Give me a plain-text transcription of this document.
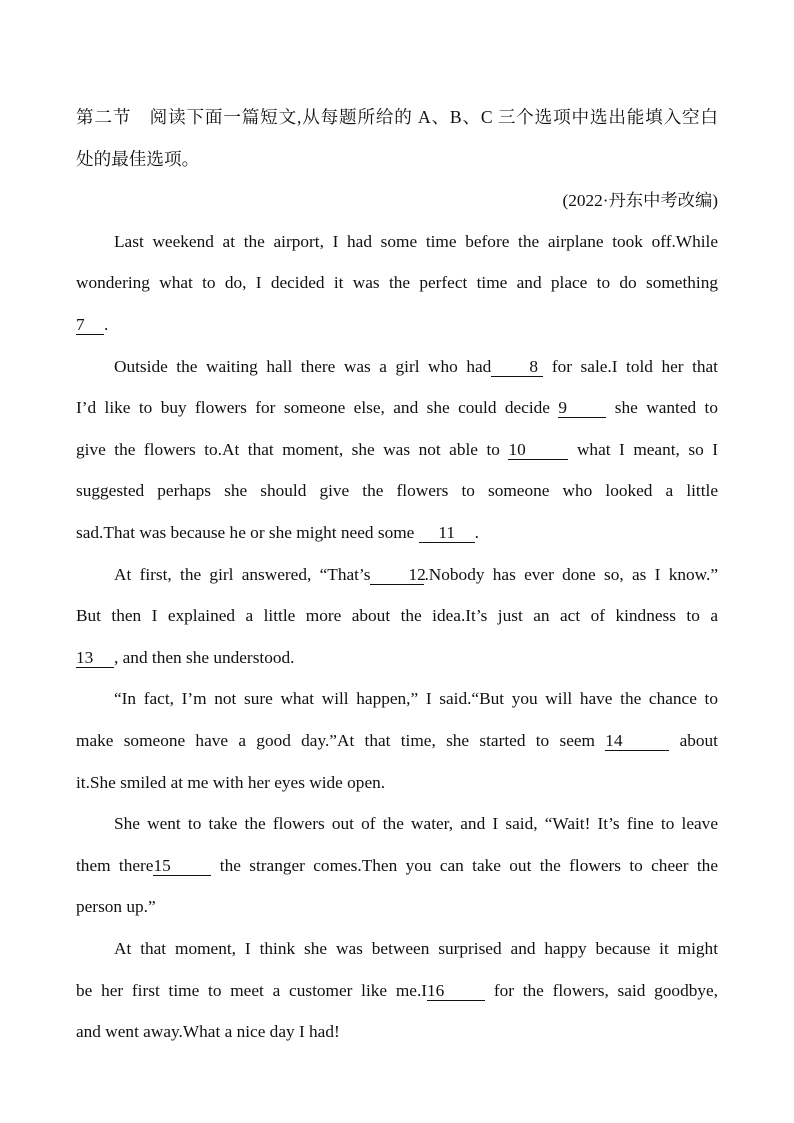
第二节　阅读下面一篇短文,从每题所给的 A、B、C 三个选项中选出能填入空白
处的最佳选项。
(2022·丹东中考改编)
Last weekend at the airport, I had some time before the airplane took off.While
wondering what to do, I decided it was the perfect time and place to do something
7 .
Outside the waiting hall there was a girl who had 8 for sale.I told her that
I’d like to buy flowers for someone else, and she could decide 9	she wanted to
give the flowers to.At that moment, she was not able to 10	what I meant, so I
suggested perhaps she should give the flowers to someone who looked a little
sad.That was because he or she might need some 11 .
At first, the girl answered, “That’s 12.Nobody has ever done so, as I know.”
But then I explained a little more about the idea.It’s just an act of kindness to a
13 , and then she understood.
“In fact, I’m not sure what will happen,” I said.“But you will have the chance to
make someone have a good day.”At that time, she started to seem 14	about
it.She smiled at me with her eyes wide open.
She went to take the flowers out of the water, and I said, “Wait! It’s fine to leave
them there15	the stranger comes.Then you can take out the flowers to cheer the
person up.”
At that moment, I think she was between surprised and happy because it might
be her first time to meet a customer like me.I16	for the flowers, said goodbye,
and went away.What a nice day I had!
